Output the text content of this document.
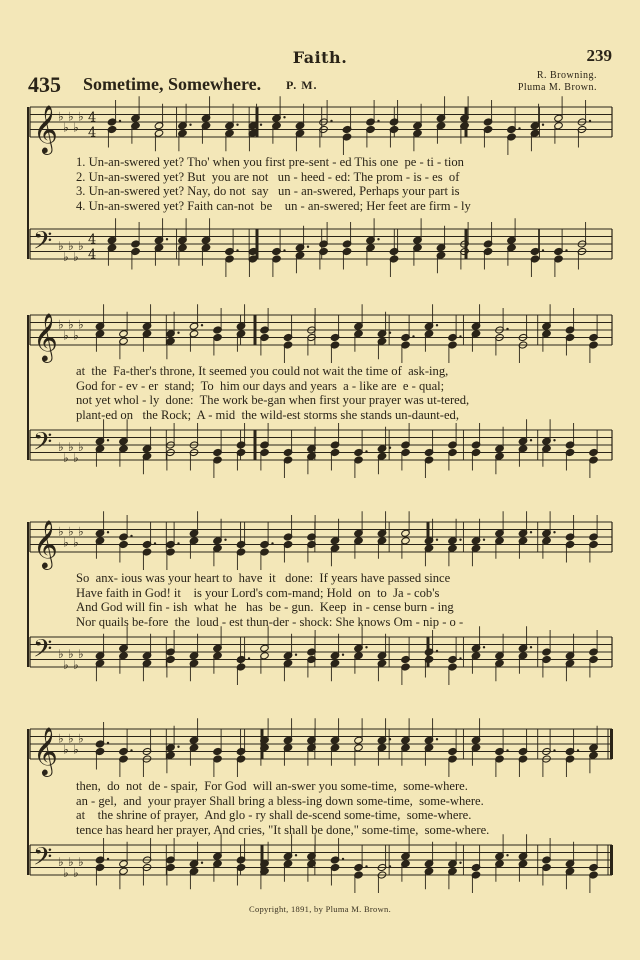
Faith.	239
435 Sometime, Somewhere. P. M.
R. Browning.
Pluma M. Brown.
𝄞
𝄢
♭
♭
♭
♭
♭
♭
♭
♭
♭
♭
4
4
4
4
𝄞
𝄢
♭
♭
♭
♭
♭
♭
♭
♭
♭
♭
𝄞
𝄢
♭
♭
♭
♭
♭
♭
♭
♭
♭
♭
𝄞
𝄢
♭
♭
♭
♭
♭
♭
♭
♭
♭
♭
1. Un-an-swered yet? Tho' when you first pre-sent - ed This one  pe - ti - tion
2. Un-an-swered yet? But  you are not   un - heed - ed: The prom - is - es  of
3. Un-an-swered yet? Nay, do not  say   un - an-swered, Perhaps your part is
4. Un-an-swered yet? Faith can-not  be    un - an-swered; Her feet are firm - ly
at  the  Fa-ther's throne, It seemed you could not wait the time of  ask-ing,
God for - ev - er  stand;  To  him our days and years  a - like are  e - qual;
not yet whol - ly  done:  The work be-gan when first your prayer was ut-tered,
plant-ed on   the Rock;  A - mid  the wild-est storms she stands un-daunt-ed,
So  anx- ious was your heart to  have  it   done:  If years have passed since
Have faith in God! it    is your Lord's com-mand; Hold  on  to  Ja - cob's
And God will fin - ish  what  he   has  be - gun.  Keep  in - cense burn - ing
Nor quails be-fore  the  loud - est thun-der - shock: She knows Om - nip - o -
then,  do  not  de - spair,  For God  will an-swer you some-time,  some-where.
an - gel,  and  your prayer Shall bring a bless-ing down some-time,  some-where.
at    the shrine of prayer,  And glo - ry shall de-scend some-time,  some-where.
tence has heard her prayer, And cries, "It shall be done," some-time,  some-where.
Copyright, 1891, by Pluma M. Brown.
